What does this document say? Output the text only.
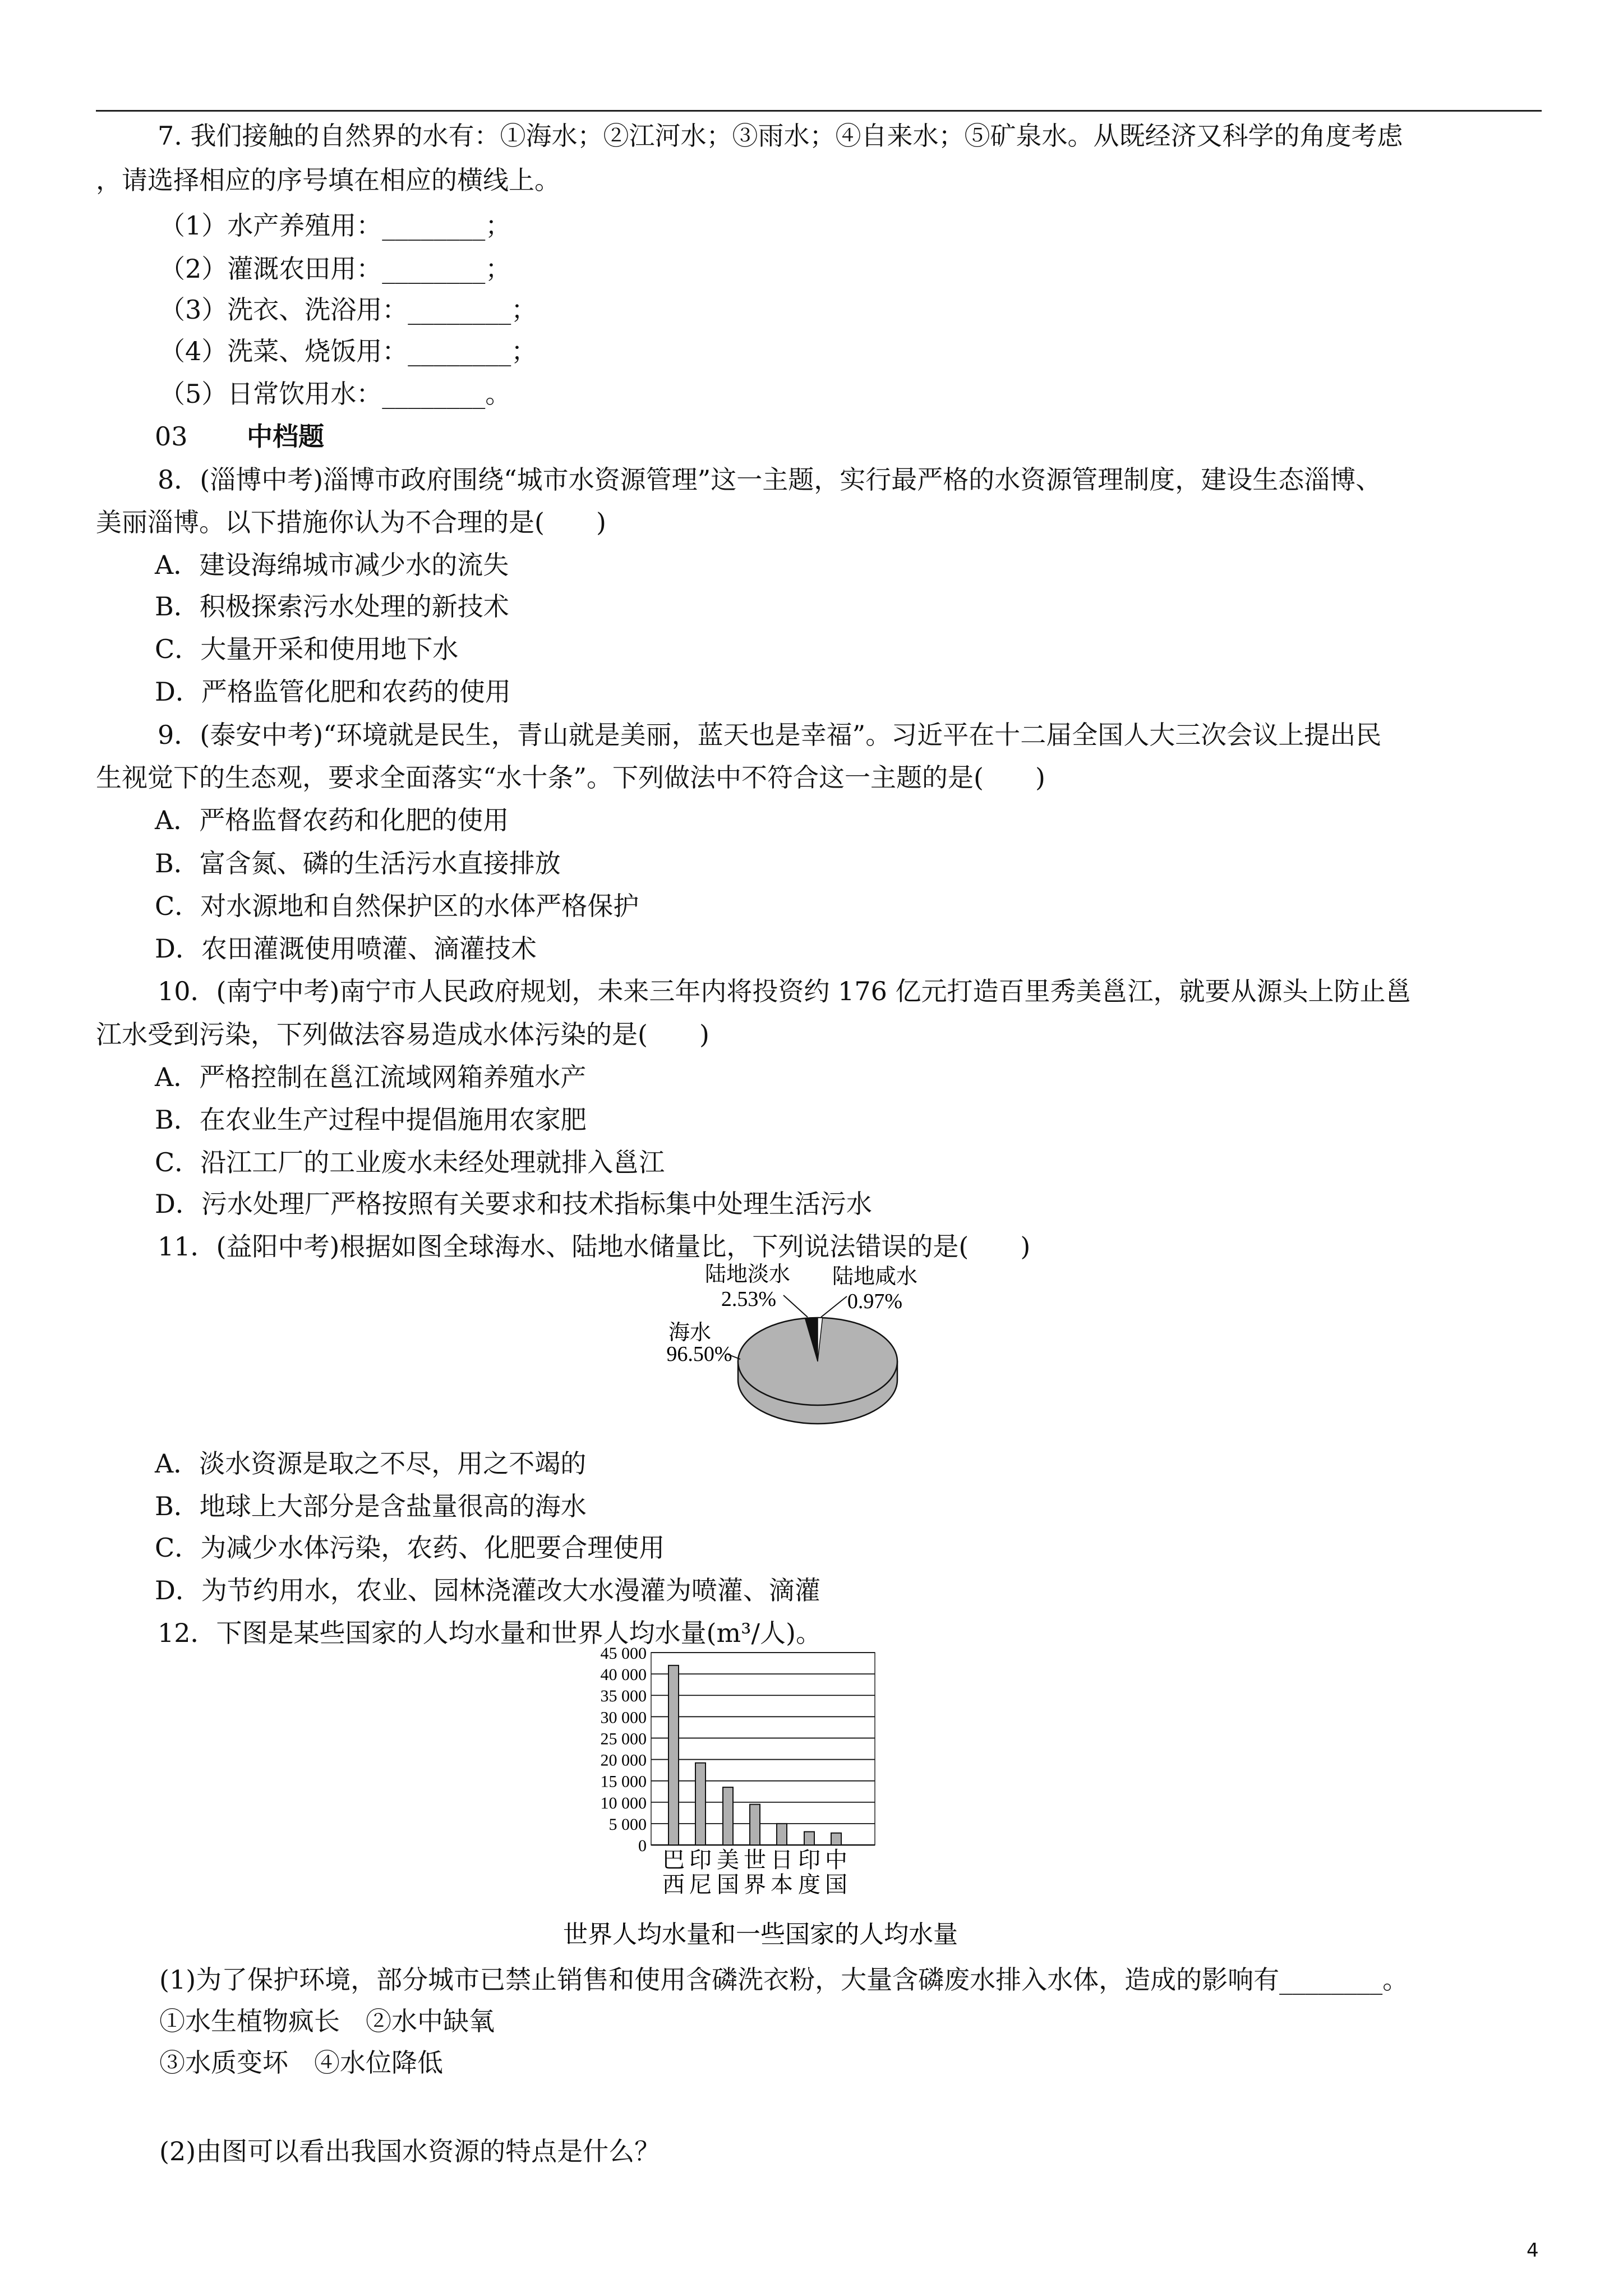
7. 我们接触的自然界的水有：①海水；②江河水；③雨水；④自来水；⑤矿泉水。从既经济又科学的角度考虑
，请选择相应的序号填在相应的横线上。
（1）水产养殖用：________；
（2）灌溉农田用：________；
（3）洗衣、洗浴用：________；
（4）洗菜、烧饭用：________；
（5）日常饮用水：________。
03 中档题
8．(淄博中考)淄博市政府围绕“城市水资源管理”这一主题，实行最严格的水资源管理制度，建设生态淄博、
美丽淄博。以下措施你认为不合理的是(　　)
A．建设海绵城市减少水的流失
B．积极探索污水处理的新技术
C．大量开采和使用地下水
D．严格监管化肥和农药的使用
9．(泰安中考)“环境就是民生，青山就是美丽，蓝天也是幸福”。习近平在十二届全国人大三次会议上提出民
生视觉下的生态观，要求全面落实“水十条”。下列做法中不符合这一主题的是(　　)
A．严格监督农药和化肥的使用
B．富含氮、磷的生活污水直接排放
C．对水源地和自然保护区的水体严格保护
D．农田灌溉使用喷灌、滴灌技术
10．(南宁中考)南宁市人民政府规划，未来三年内将投资约 176 亿元打造百里秀美邕江，就要从源头上防止邕
江水受到污染，下列做法容易造成水体污染的是(　　)
A．严格控制在邕江流域网箱养殖水产
B．在农业生产过程中提倡施用农家肥
C．沿江工厂的工业废水未经处理就排入邕江
D．污水处理厂严格按照有关要求和技术指标集中处理生活污水
11．(益阳中考)根据如图全球海水、陆地水储量比，下列说法错误的是(　　)
陆地淡水
2.53%
陆地咸水
0.97%
海水
96.50%
A．淡水资源是取之不尽，用之不竭的
B．地球上大部分是含盐量很高的海水
C．为减少水体污染，农药、化肥要合理使用
D．为节约用水，农业、园林浇灌改大水漫灌为喷灌、滴灌
12．下图是某些国家的人均水量和世界人均水量(m³/人)。
0
5 000
10 000
15 000
20 000
25 000
30 000
35 000
40 000
45 000
巴
西
印
尼
美
国
世
界
日
本
印
度
中
国
世界人均水量和一些国家的人均水量
(1)为了保护环境，部分城市已禁止销售和使用含磷洗衣粉，大量含磷废水排入水体，造成的影响有________。
①水生植物疯长　②水中缺氧
③水质变坏　④水位降低
(2)由图可以看出我国水资源的特点是什么？
4
